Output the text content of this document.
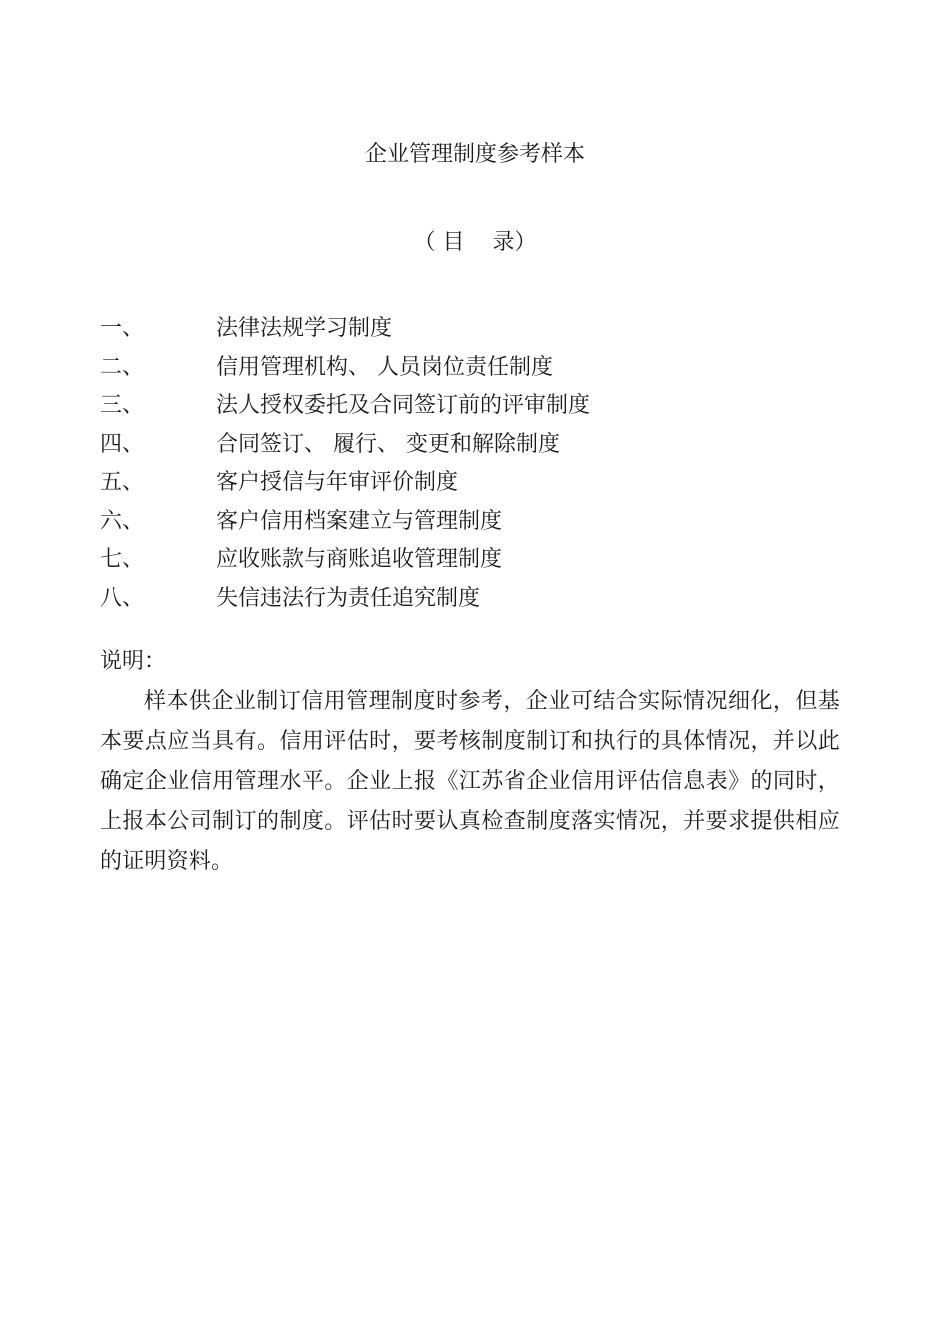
企业管理制度参考样本
（ 目    录）
一、	法律法规学习制度
二、	信用管理机构、 人员岗位责任制度
三、	法人授权委托及合同签订前的评审制度
四、	合同签订、 履行、 变更和解除制度
五、	客户授信与年审评价制度
六、	客户信用档案建立与管理制度
七、	应收账款与商账追收管理制度
八、	失信违法行为责任追究制度
说明：

样本供企业制订信用管理制度时参考，企业可结合实际情况细化，但基本要点应当具有。信用评估时，要考核制度制订和执行的具体情况，并以此确定企业信用管理水平。企业上报《江苏省企业信用评估信息表》的同时，上报本公司制订的制度。评估时要认真检查制度落实情况，并要求提供相应的证明资料。
